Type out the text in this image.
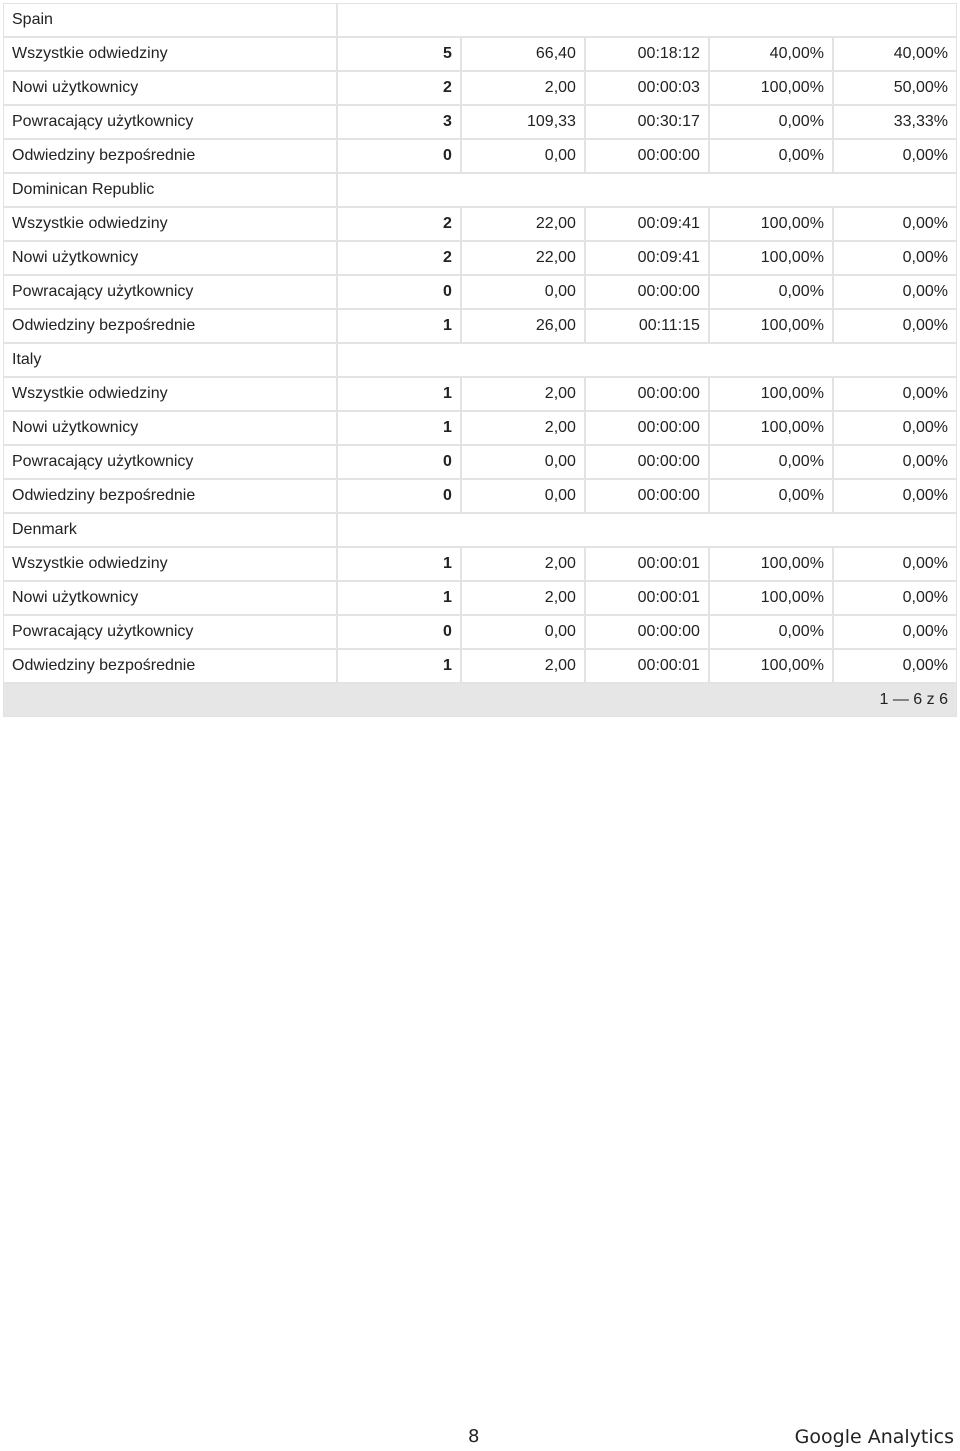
Spain					
Wszystkie odwiedziny	5	66,40	00:18:12	40,00%	40,00%
Nowi użytkownicy	2	2,00	00:00:03	100,00%	50,00%
Powracający użytkownicy	3	109,33	00:30:17	0,00%	33,33%
Odwiedziny bezpośrednie	0	0,00	00:00:00	0,00%	0,00%
Dominican Republic					
Wszystkie odwiedziny	2	22,00	00:09:41	100,00%	0,00%
Nowi użytkownicy	2	22,00	00:09:41	100,00%	0,00%
Powracający użytkownicy	0	0,00	00:00:00	0,00%	0,00%
Odwiedziny bezpośrednie	1	26,00	00:11:15	100,00%	0,00%
Italy					
Wszystkie odwiedziny	1	2,00	00:00:00	100,00%	0,00%
Nowi użytkownicy	1	2,00	00:00:00	100,00%	0,00%
Powracający użytkownicy	0	0,00	00:00:00	0,00%	0,00%
Odwiedziny bezpośrednie	0	0,00	00:00:00	0,00%	0,00%
Denmark					
Wszystkie odwiedziny	1	2,00	00:00:01	100,00%	0,00%
Nowi użytkownicy	1	2,00	00:00:01	100,00%	0,00%
Powracający użytkownicy	0	0,00	00:00:00	0,00%	0,00%
Odwiedziny bezpośrednie	1	2,00	00:00:01	100,00%	0,00%
1 — 6 z 6					
8	Google Analytics
